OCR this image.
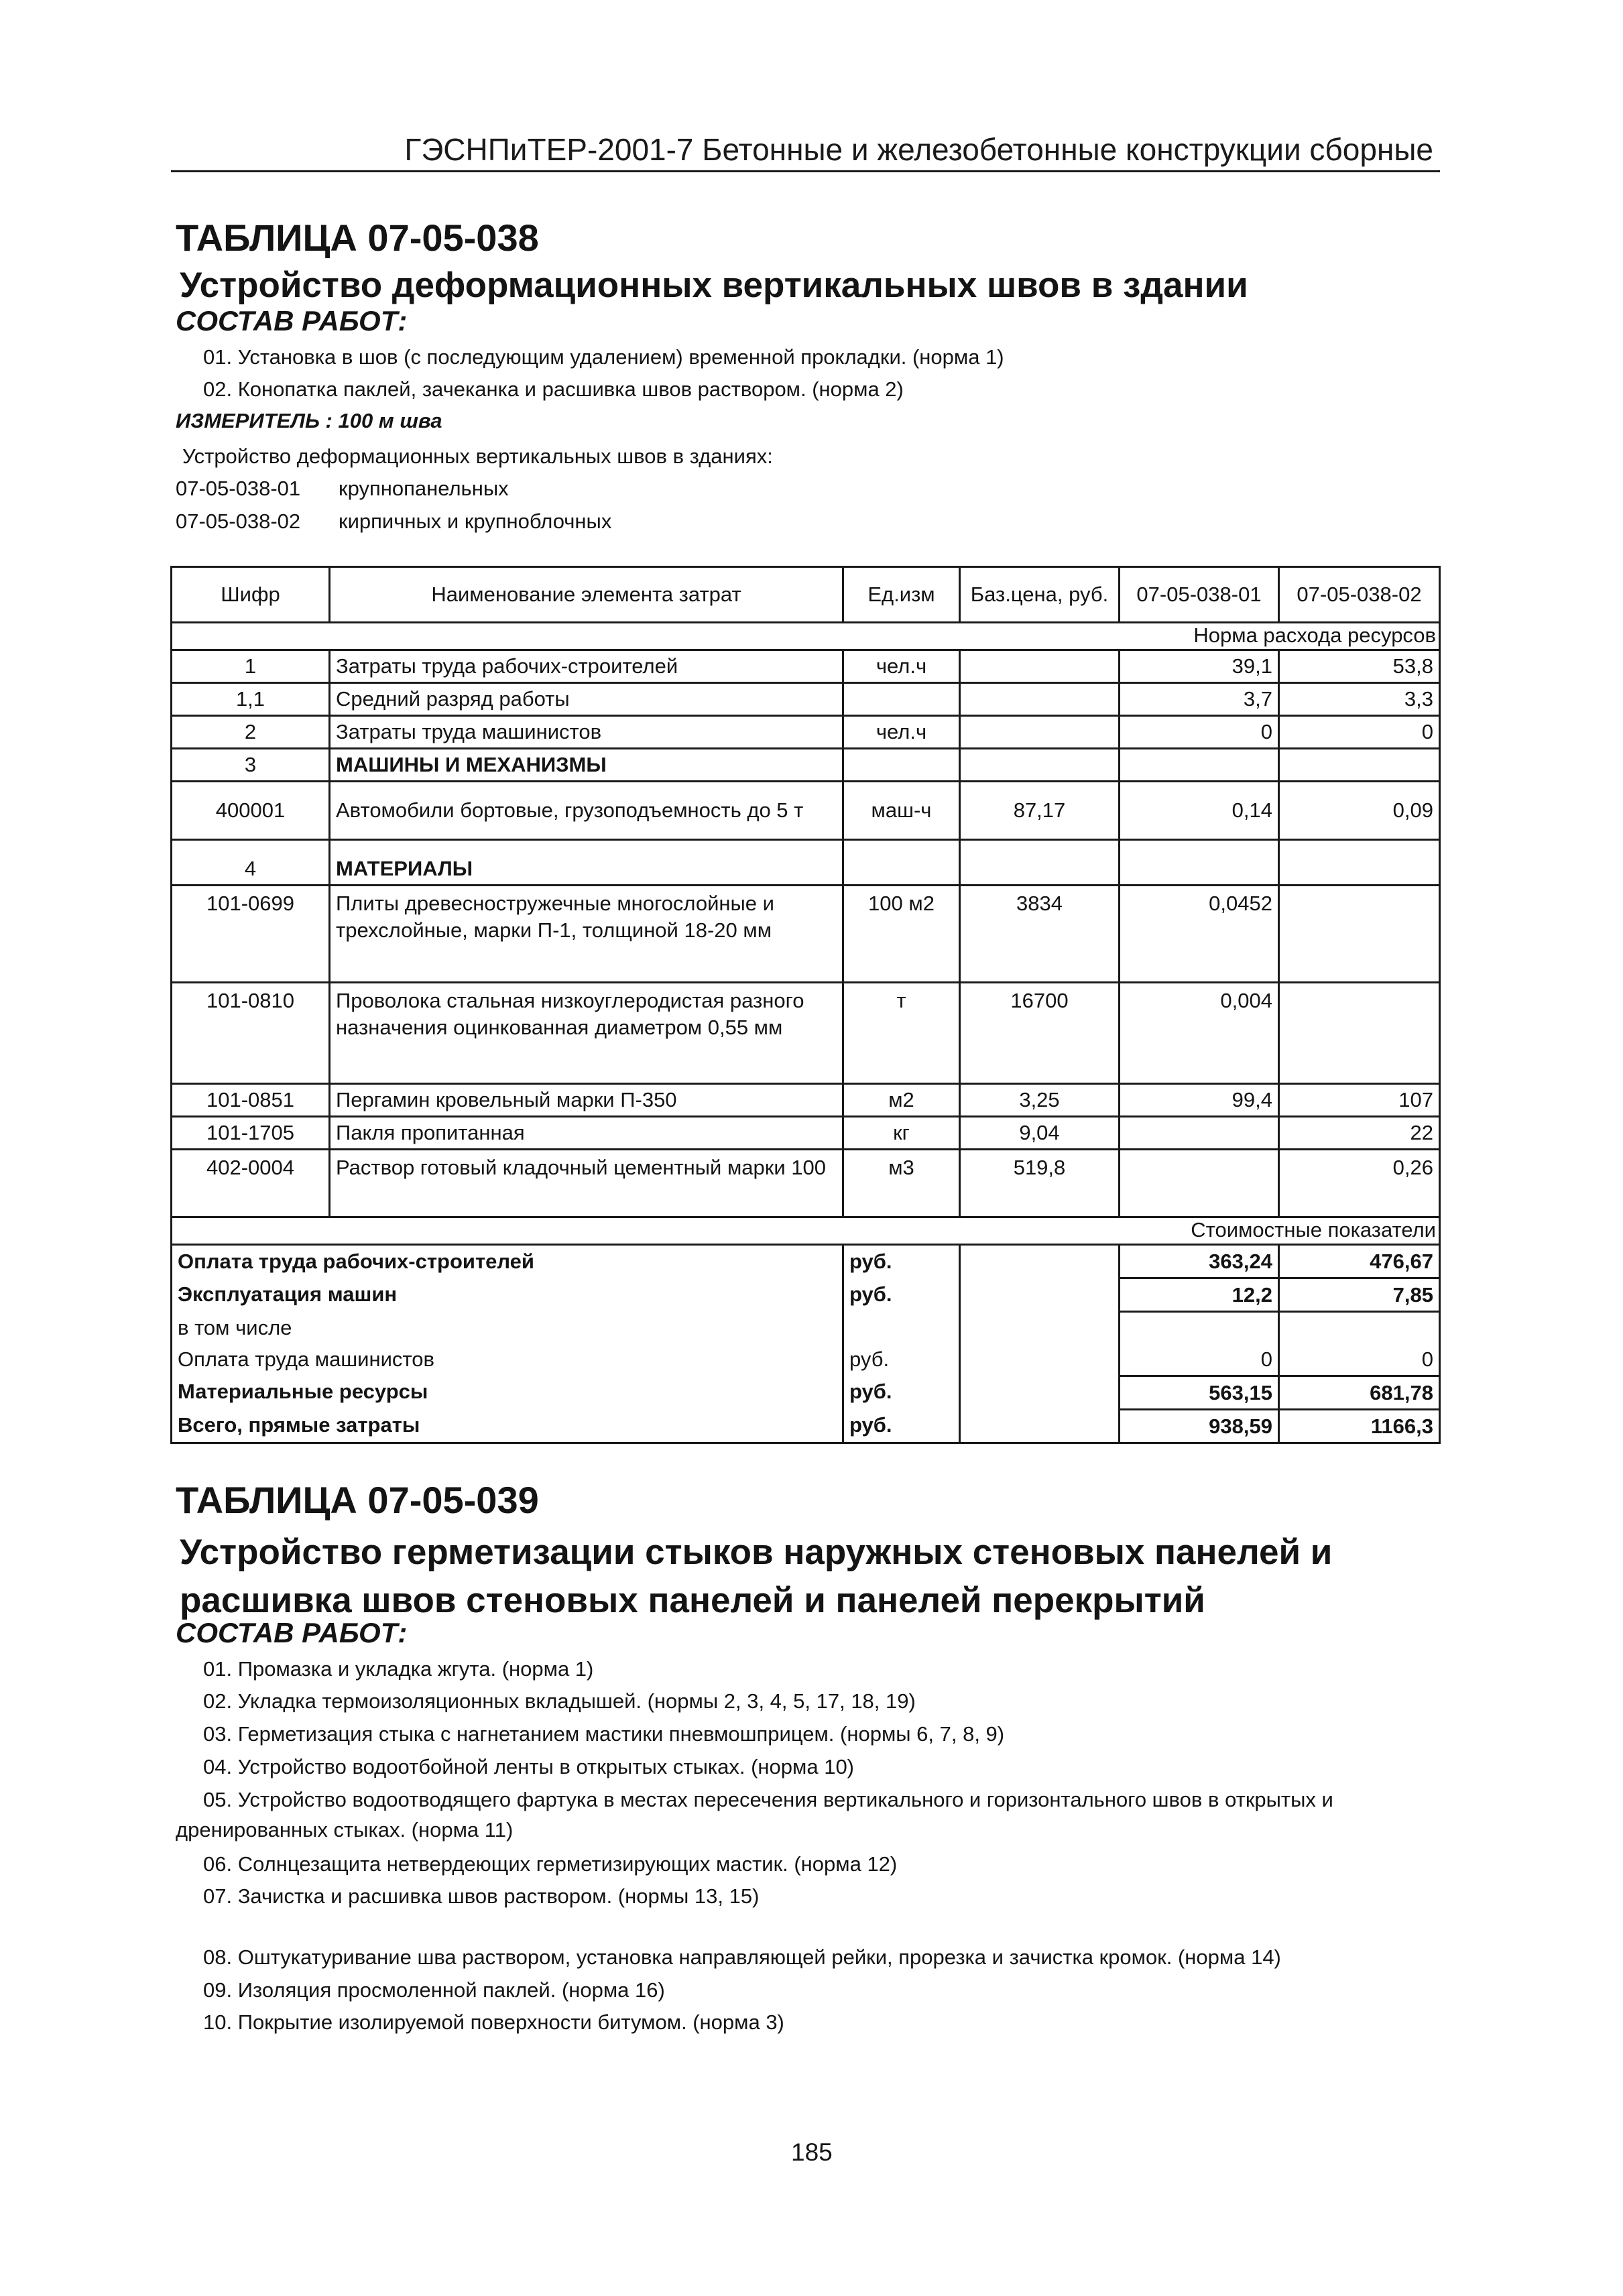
ГЭСНПиТЕР-2001-7 Бетонные и железобетонные конструкции сборные
ТАБЛИЦА 07-05-038
Устройство деформационных вертикальных швов в здании
СОСТАВ РАБОТ:
01. Установка в шов (с последующим удалением) временной прокладки. (норма 1)
02. Конопатка паклей, зачеканка и расшивка швов раствором. (норма 2)
ИЗМЕРИТЕЛЬ : 100 м шва
Устройство деформационных вертикальных швов в зданиях:
07-05-038-01 крупнопанельных
07-05-038-02 кирпичных и крупноблочных
Шифр	Наименование элемента затрат	Ед.изм	Баз.цена, руб.	07-05-038-01	07-05-038-02
Норма расхода ресурсов					
1	Затраты труда рабочих-строителей	чел.ч		39,1	53,8
1,1	Средний разряд работы			3,7	3,3
2	Затраты труда машинистов	чел.ч		0	0
3	МАШИНЫ И МЕХАНИЗМЫ				
400001	Автомобили бортовые, грузоподъемность до 5 т	маш-ч	87,17	0,14	0,09
4	МАТЕРИАЛЫ				
101-0699	Плиты древесностружечные многослойные и трехслойные, марки П-1, толщиной 18-20 мм	100 м2	3834	0,0452	
101-0810	Проволока стальная низкоуглеродистая разного назначения оцинкованная диаметром 0,55 мм	т	16700	0,004	
101-0851	Пергамин кровельный марки П-350	м2	3,25	99,4	107
101-1705	Пакля пропитанная	кг	9,04		22
402-0004	Раствор готовый кладочный цементный марки 100	м3	519,8		0,26
Стоимостные показатели					
Оплата труда рабочих-строителей		руб.		363,24	476,67
Эксплуатация машин		руб.		12,2	7,85
в том числе					
Оплата труда машинистов		руб.		0	0
Материальные ресурсы		руб.		563,15	681,78
Всего, прямые затраты		руб.		938,59	1166,3
ТАБЛИЦА 07-05-039
Устройство герметизации стыков наружных стеновых панелей и расшивка швов стеновых панелей и панелей перекрытий
СОСТАВ РАБОТ:
01. Промазка и укладка жгута. (норма 1)
02. Укладка термоизоляционных вкладышей. (нормы 2, 3, 4, 5, 17, 18, 19)
03. Герметизация стыка с нагнетанием мастики пневмошприцем. (нормы 6, 7, 8, 9)
04. Устройство водоотбойной ленты в открытых стыках. (норма 10)
05. Устройство водоотводящего фартука в местах пересечения вертикального и горизонтального швов в открытых и
дренированных стыках. (норма 11)
06. Солнцезащита нетвердеющих герметизирующих мастик. (норма 12)
07. Зачистка и расшивка швов раствором. (нормы 13, 15)
08. Оштукатуривание шва раствором, установка направляющей рейки, прорезка и зачистка кромок. (норма 14)
09. Изоляция просмоленной паклей. (норма 16)
10. Покрытие изолируемой поверхности битумом. (норма 3)
185
